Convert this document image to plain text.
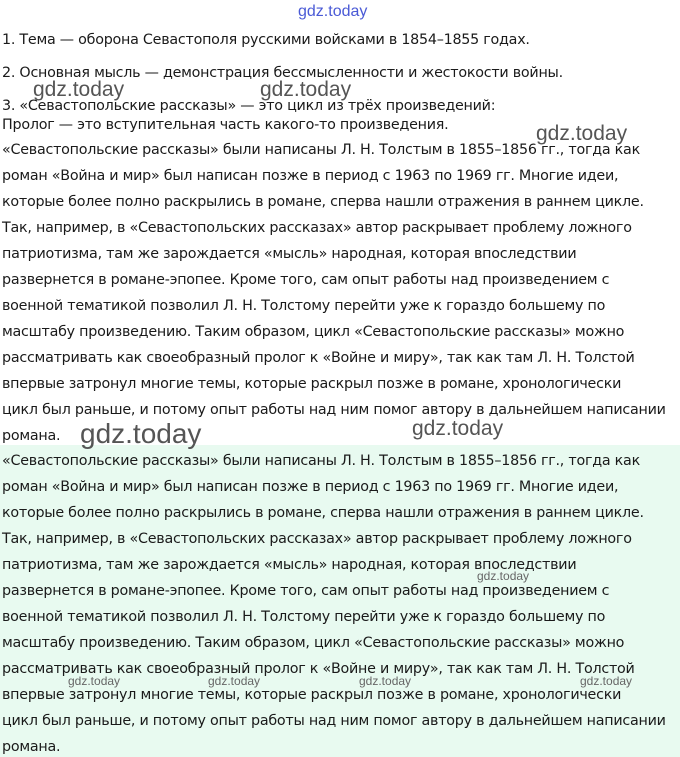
gdz.today
1. Тема — оборона Севастополя русскими войсками в 1854–1855 годах.
2. Основная мысль — демонстрация бессмысленности и жестокости войны.
3. «Севастопольские рассказы» — это цикл из трёх произведений:
Пролог — это вступительная часть какого-то произведения.
«Севастопольские рассказы» были написаны Л. Н. Толстым в 1855–1856 гг., тогда как
роман «Война и мир» был написан позже в период с 1963 по 1969 гг. Многие идеи,
которые более полно раскрылись в романе, сперва нашли отражения в раннем цикле.
Так, например, в «Севастопольских рассказах» автор раскрывает проблему ложного
патриотизма, там же зарождается «мысль» народная, которая впоследствии
развернется в романе-эпопее. Кроме того, сам опыт работы над произведением с
военной тематикой позволил Л. Н. Толстому перейти уже к гораздо большему по
масштабу произведению. Таким образом, цикл «Севастопольские рассказы» можно
рассматривать как своеобразный пролог к «Войне и миру», так как там Л. Н. Толстой
впервые затронул многие темы, которые раскрыл позже в романе, хронологически
цикл был раньше, и потому опыт работы над ним помог автору в дальнейшем написании
романа.
«Севастопольские рассказы» были написаны Л. Н. Толстым в 1855–1856 гг., тогда как
роман «Война и мир» был написан позже в период с 1963 по 1969 гг. Многие идеи,
которые более полно раскрылись в романе, сперва нашли отражения в раннем цикле.
Так, например, в «Севастопольских рассказах» автор раскрывает проблему ложного
патриотизма, там же зарождается «мысль» народная, которая впоследствии
развернется в романе-эпопее. Кроме того, сам опыт работы над произведением с
военной тематикой позволил Л. Н. Толстому перейти уже к гораздо большему по
масштабу произведению. Таким образом, цикл «Севастопольские рассказы» можно
рассматривать как своеобразный пролог к «Войне и миру», так как там Л. Н. Толстой
впервые затронул многие темы, которые раскрыл позже в романе, хронологически
цикл был раньше, и потому опыт работы над ним помог автору в дальнейшем написании
романа.
gdz.today	gdz.today
gdz.today
gdz.today	gdz.today
gdz.today
gdz.today	gdz.today	gdz.today	gdz.today
